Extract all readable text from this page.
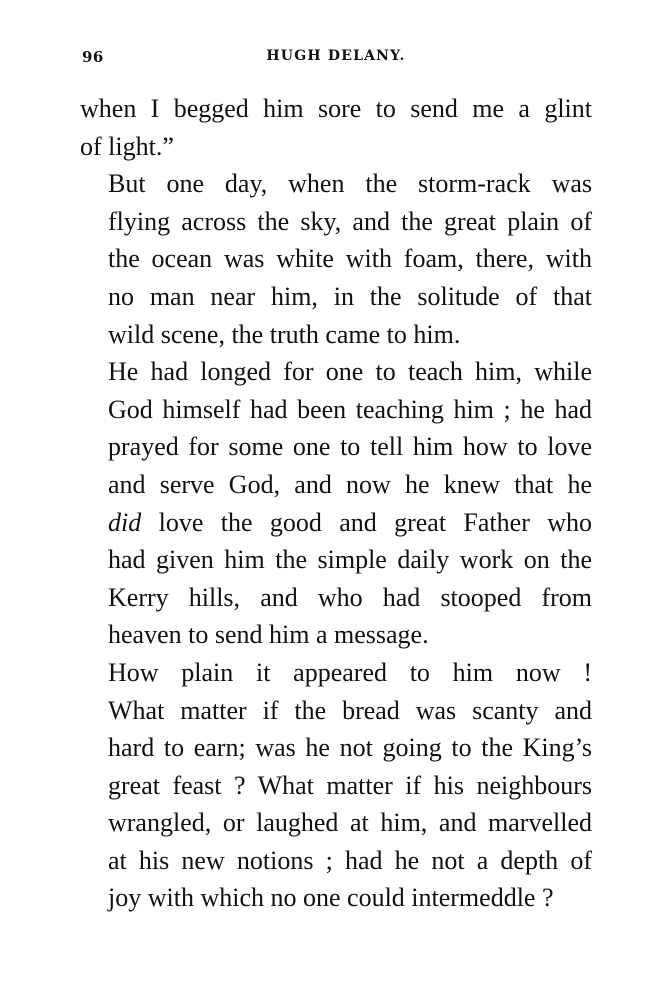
96	HUGH DELANY.

when I begged him sore to send me a glint
of light.”

But one day, when the storm-rack was
flying across the sky, and the great plain of
the ocean was white with foam, there, with
no man near him, in the solitude of that
wild scene, the truth came to him.

He had longed for one to teach him, while
God himself had been teaching him ; he had
prayed for some one to tell him how to love
and serve God, and now he knew that he
did love the good and great Father who
had given him the simple daily work on the
Kerry hills, and who had stooped from
heaven to send him a message.

How plain it appeared to him now !
What matter if the bread was scanty and
hard to earn; was he not going to the King’s
great feast ? What matter if his neighbours
wrangled, or laughed at him, and marvelled
at his new notions ; had he not a depth of
joy with which no one could intermeddle ?
